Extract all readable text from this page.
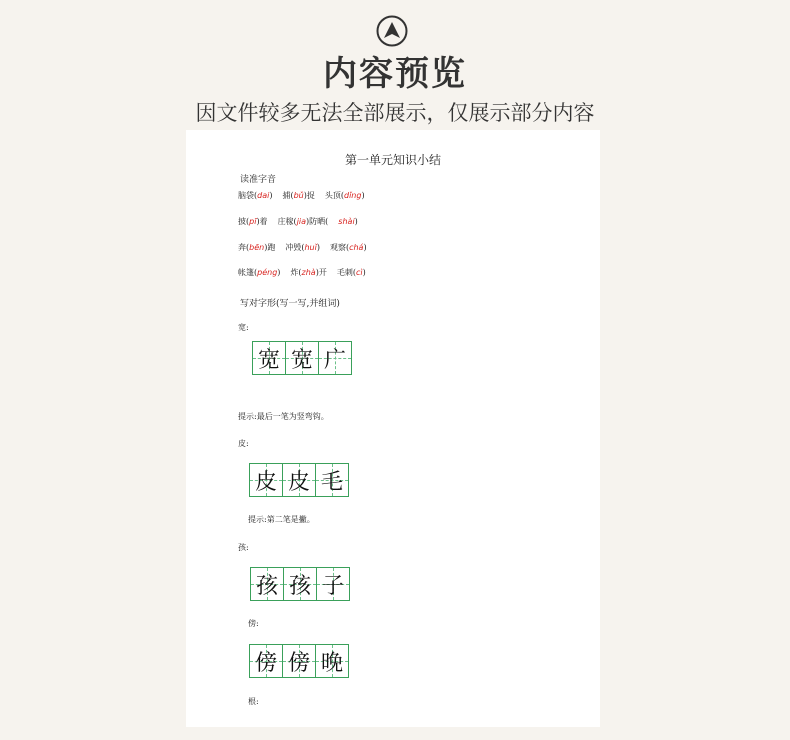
内容预览
因文件较多无法全部展示，仅展示部分内容
第一单元知识小结
读准字音
脑袋(dai) 捕(bǔ)捉 头顶(dǐng)
披(pī)着 庄稼(jia)防晒( shài)
奔(bēn)跑 冲毁(huǐ) 观察(chá)
帐篷(péng) 炸(zhà)开 毛刺(cì)
写对字形(写一写,并组词)
宽:
宽 宽 广
提示:最后一笔为竖弯钩。
皮:
皮 皮 毛
提示:第二笔是撇。
孩:
孩 孩 子
傍:
傍 傍 晚
根:
